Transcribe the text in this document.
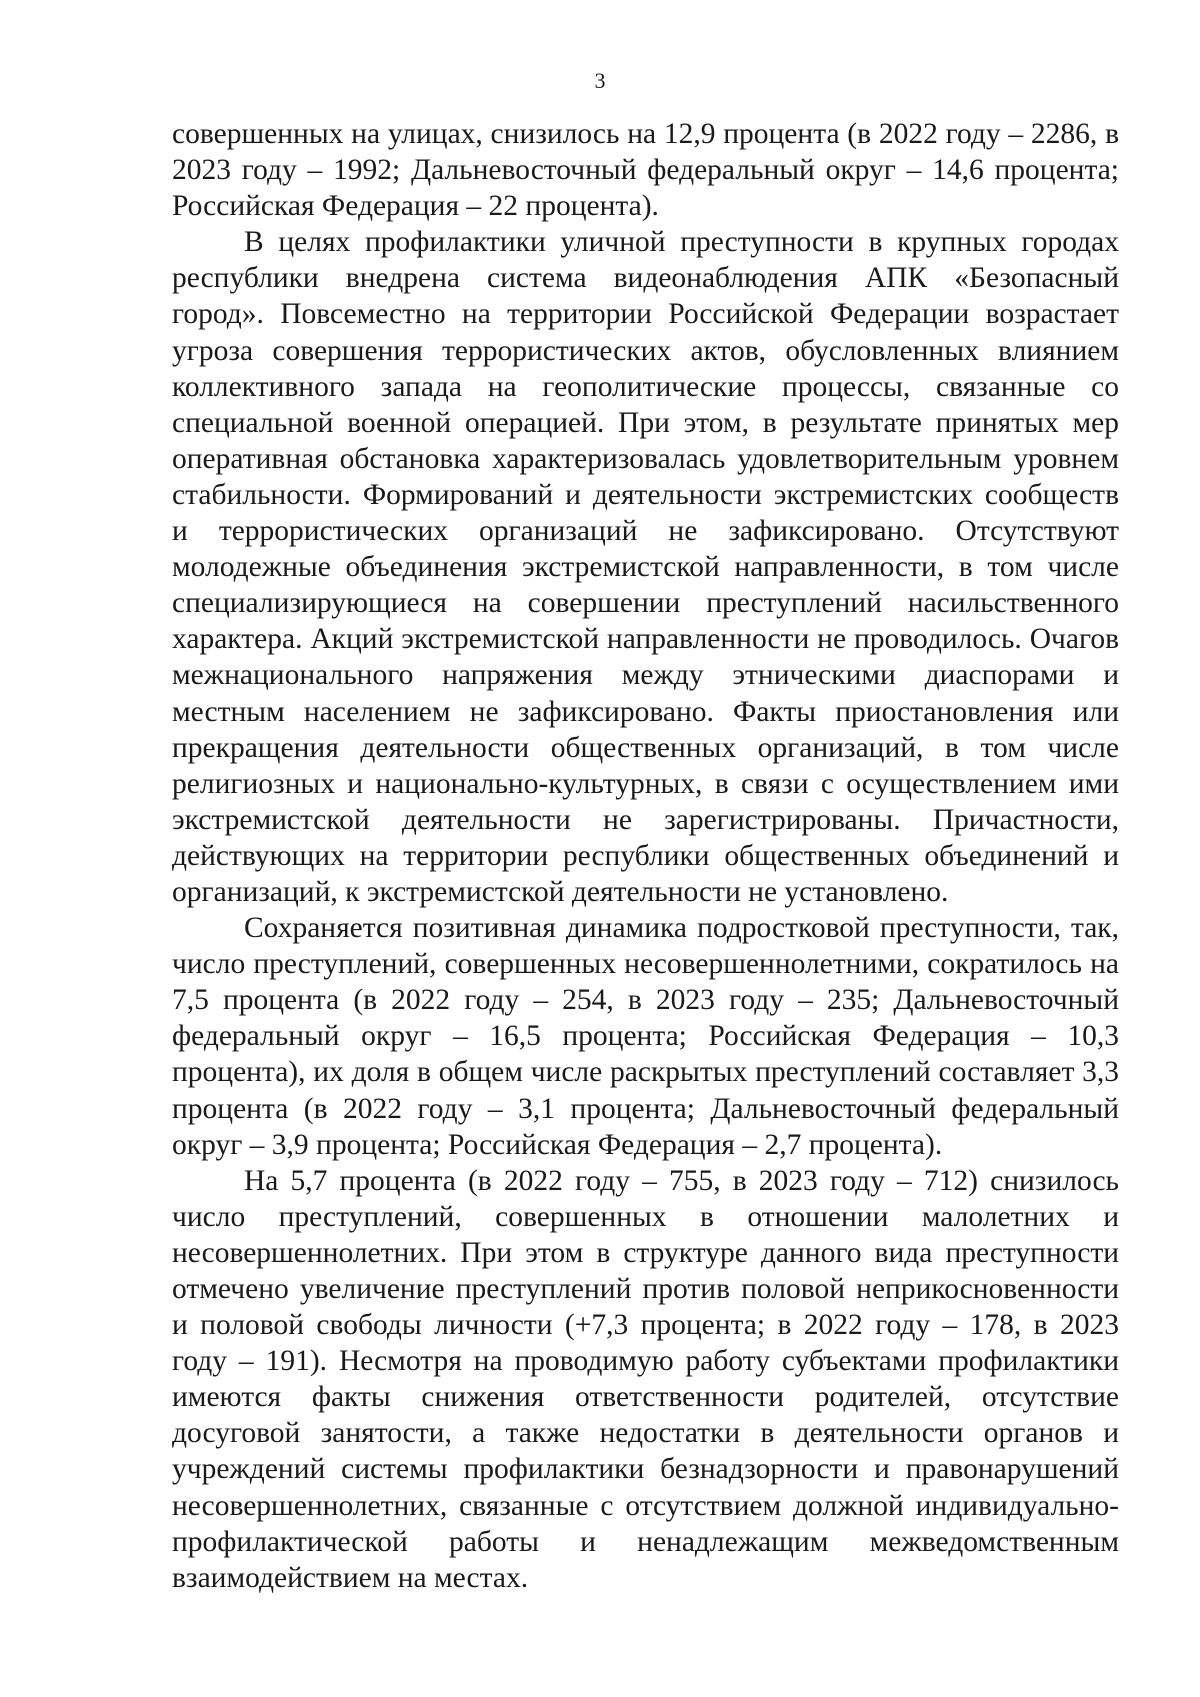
3

совершенных на улицах, снизилось на 12,9 процента (в 2022 году – 2286, в 2023 году – 1992; Дальневосточный федеральный округ – 14,6 процента; Российская Федерация – 22 процента).

В целях профилактики уличной преступности в крупных городах республики внедрена система видеонаблюдения АПК «Безопасный город». Повсеместно на территории Российской Федерации возрастает угроза совершения террористических актов, обусловленных влиянием коллективного запада на геополитические процессы, связанные со специальной военной операцией. При этом, в результате принятых мер оперативная обстановка характеризовалась удовлетворительным уровнем стабильности. Формирований и деятельности экстремистских сообществ и террористических организаций не зафиксировано. Отсутствуют молодежные объединения экстремистской направленности, в том числе специализирующиеся на совершении преступлений насильственного характера. Акций экстремистской направленности не проводилось. Очагов межнационального напряжения между этническими диаспорами и местным населением не зафиксировано. Факты приостановления или прекращения деятельности общественных организаций, в том числе религиозных и национально-культурных, в связи с осуществлением ими экстремистской деятельности не зарегистрированы. Причастности, действующих на территории республики общественных объединений и организаций, к экстремистской деятельности не установлено.

Сохраняется позитивная динамика подростковой преступности, так, число преступлений, совершенных несовершеннолетними, сократилось на 7,5 процента (в 2022 году – 254, в 2023 году – 235; Дальневосточный федеральный округ – 16,5 процента; Российская Федерация – 10,3 процента), их доля в общем числе раскрытых преступлений составляет 3,3 процента (в 2022 году – 3,1 процента; Дальневосточный федеральный округ – 3,9 процента; Российская Федерация – 2,7 процента).

На 5,7 процента (в 2022 году – 755, в 2023 году – 712) снизилось число преступлений, совершенных в отношении малолетних и несовершеннолетних. При этом в структуре данного вида преступности отмечено увеличение преступлений против половой неприкосновенности и половой свободы личности (+7,3 процента; в 2022 году – 178, в 2023 году – 191). Несмотря на проводимую работу субъектами профилактики имеются факты снижения ответственности родителей, отсутствие досуговой занятости, а также недостатки в деятельности органов и учреждений системы профилактики безнадзорности и правонарушений несовершеннолетних, связанные с отсутствием должной индивидуально-профилактической работы и ненадлежащим межведомственным взаимодействием на местах.
